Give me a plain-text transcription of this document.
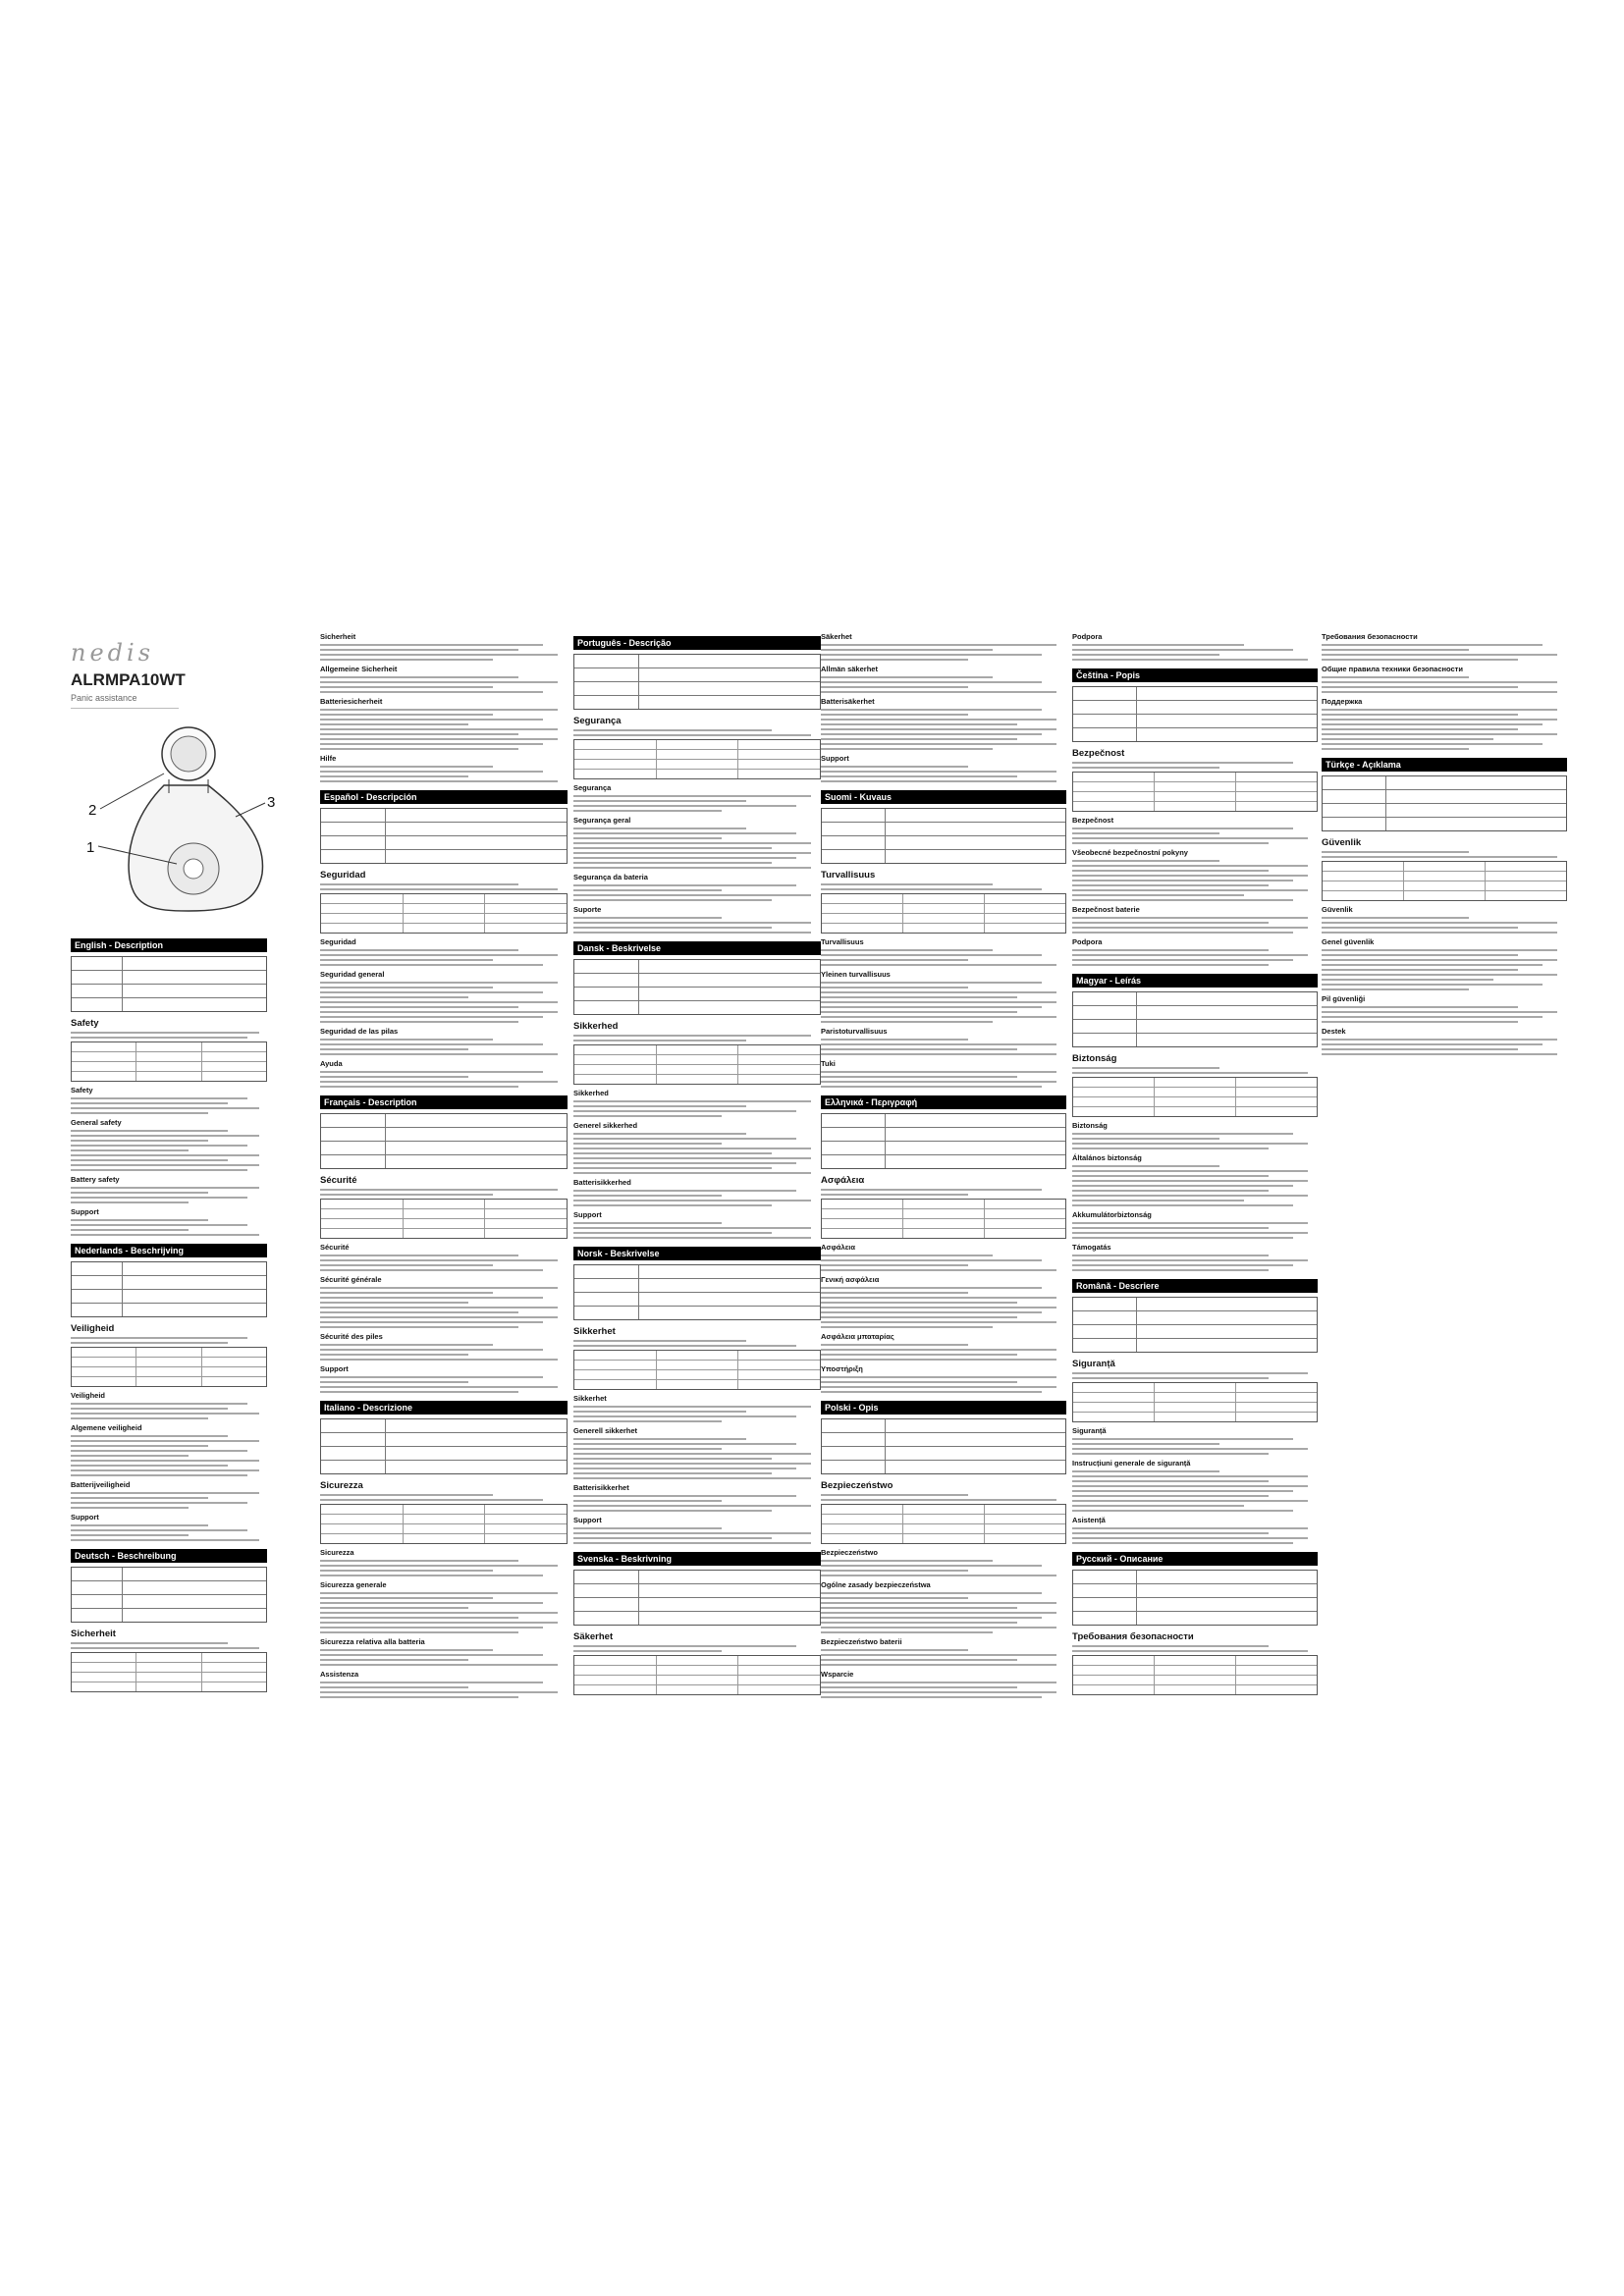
nedis
ALRMPA10WT
Panic assistance
1
2	3
English - Description
Safety
Safety
General safety
Battery safety
Support
Nederlands - Beschrijving
Veiligheid
Veiligheid
Algemene veiligheid
Batterijveiligheid
Support
Deutsch - Beschreibung
Sicherheit
Sicherheit
Allgemeine Sicherheit
Batteriesicherheit
Hilfe
Español - Descripción
Seguridad
Seguridad
Seguridad general
Seguridad de las pilas
Ayuda
Français - Description
Sécurité
Sécurité
Sécurité générale
Sécurité des piles
Support
Italiano - Descrizione
Sicurezza
Sicurezza
Sicurezza generale
Sicurezza relativa alla batteria
Assistenza
Português - Descrição
Segurança
Segurança
Segurança geral
Segurança da bateria
Suporte
Dansk - Beskrivelse
Sikkerhed
Sikkerhed
Generel sikkerhed
Batterisikkerhed
Support
Norsk - Beskrivelse
Sikkerhet
Sikkerhet
Generell sikkerhet
Batterisikkerhet
Support
Svenska - Beskrivning
Säkerhet
Säkerhet
Allmän säkerhet
Batterisäkerhet
Support
Suomi - Kuvaus
Turvallisuus
Turvallisuus
Yleinen turvallisuus
Paristoturvallisuus
Tuki
Ελληνικά - Περιγραφή
Ασφάλεια
Ασφάλεια
Γενική ασφάλεια
Ασφάλεια μπαταρίας
Υποστήριξη
Polski - Opis
Bezpieczeństwo
Bezpieczeństwo
Ogólne zasady bezpieczeństwa
Bezpieczeństwo baterii
Wsparcie
Podpora
Čeština - Popis
Bezpečnost
Bezpečnost
Všeobecné bezpečnostní pokyny
Bezpečnost baterie
Podpora
Magyar - Leírás
Biztonság
Biztonság
Általános biztonság
Akkumulátorbiztonság
Támogatás
Română - Descriere
Siguranță
Siguranță
Instrucțiuni generale de siguranță
Asistență
Русский - Описание
Требования безопасности
Требования безопасности
Общие правила техники безопасности
Поддержка
Türkçe - Açıklama
Güvenlik
Güvenlik
Genel güvenlik
Pil güvenliği
Destek
